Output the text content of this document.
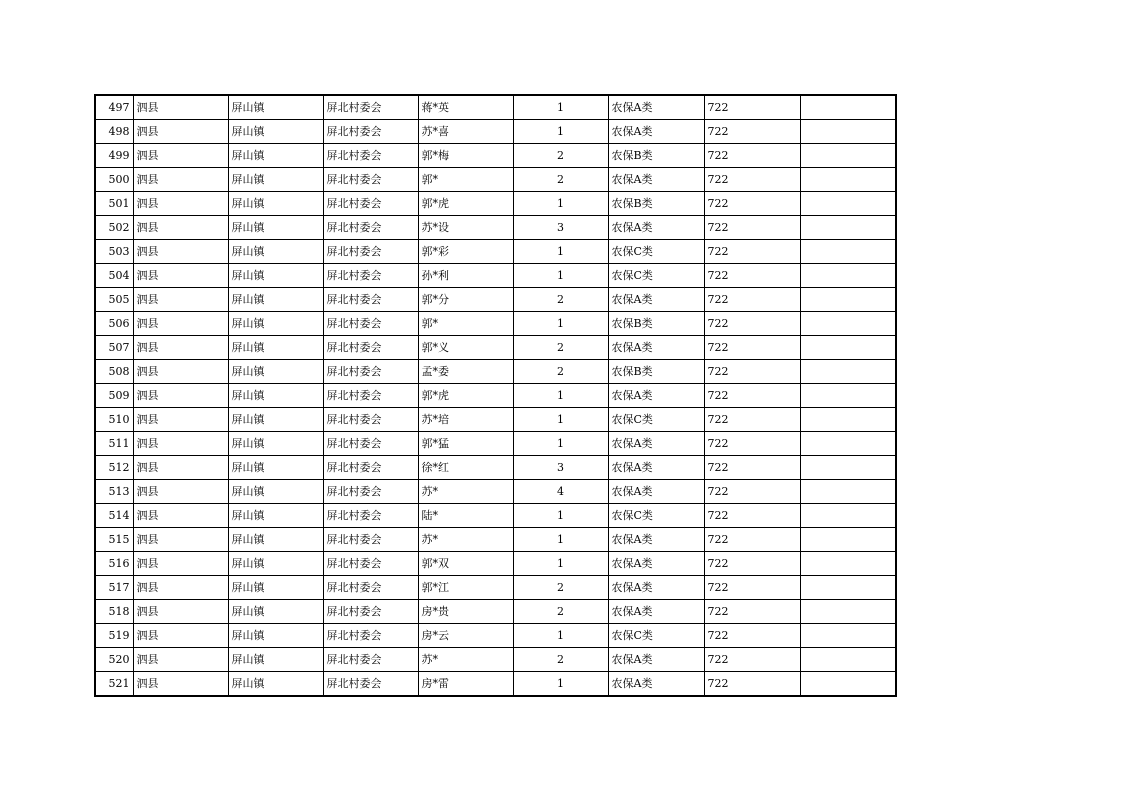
497	泗县	屏山镇	屏北村委会	蒋*英	1	农保A类	722	
498	泗县	屏山镇	屏北村委会	苏*喜	1	农保A类	722	
499	泗县	屏山镇	屏北村委会	郭*梅	2	农保B类	722	
500	泗县	屏山镇	屏北村委会	郭*	2	农保A类	722	
501	泗县	屏山镇	屏北村委会	郭*虎	1	农保B类	722	
502	泗县	屏山镇	屏北村委会	苏*设	3	农保A类	722	
503	泗县	屏山镇	屏北村委会	郭*彩	1	农保C类	722	
504	泗县	屏山镇	屏北村委会	孙*利	1	农保C类	722	
505	泗县	屏山镇	屏北村委会	郭*分	2	农保A类	722	
506	泗县	屏山镇	屏北村委会	郭*	1	农保B类	722	
507	泗县	屏山镇	屏北村委会	郭*义	2	农保A类	722	
508	泗县	屏山镇	屏北村委会	孟*委	2	农保B类	722	
509	泗县	屏山镇	屏北村委会	郭*虎	1	农保A类	722	
510	泗县	屏山镇	屏北村委会	苏*培	1	农保C类	722	
511	泗县	屏山镇	屏北村委会	郭*猛	1	农保A类	722	
512	泗县	屏山镇	屏北村委会	徐*红	3	农保A类	722	
513	泗县	屏山镇	屏北村委会	苏*	4	农保A类	722	
514	泗县	屏山镇	屏北村委会	陆*	1	农保C类	722	
515	泗县	屏山镇	屏北村委会	苏*	1	农保A类	722	
516	泗县	屏山镇	屏北村委会	郭*双	1	农保A类	722	
517	泗县	屏山镇	屏北村委会	郭*江	2	农保A类	722	
518	泗县	屏山镇	屏北村委会	房*贵	2	农保A类	722	
519	泗县	屏山镇	屏北村委会	房*云	1	农保C类	722	
520	泗县	屏山镇	屏北村委会	苏*	2	农保A类	722	
521	泗县	屏山镇	屏北村委会	房*雷	1	农保A类	722	
